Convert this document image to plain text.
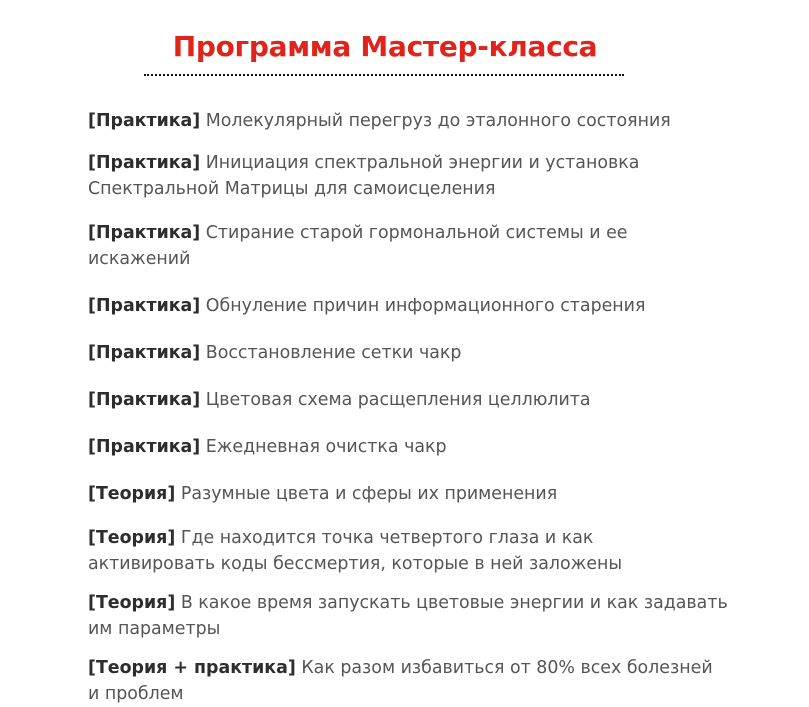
Программа Мастер-класса
[Практика] Молекулярный перегруз до эталонного состояния
[Практика] Инициация спектральной энергии и установка Спектральной Матрицы для самоисцеления
[Практика] Стирание старой гормональной системы и ее искажений
[Практика] Обнуление причин информационного старения
[Практика] Восстановление сетки чакр
[Практика] Цветовая схема расщепления целлюлита
[Практика] Ежедневная очистка чакр
[Теория] Разумные цвета и сферы их применения
[Теория] Где находится точка четвертого глаза и как активировать коды бессмертия, которые в ней заложены
[Теория] В какое время запускать цветовые энергии и как задавать им параметры
[Теория + практика] Как разом избавиться от 80% всех болезней и проблем
